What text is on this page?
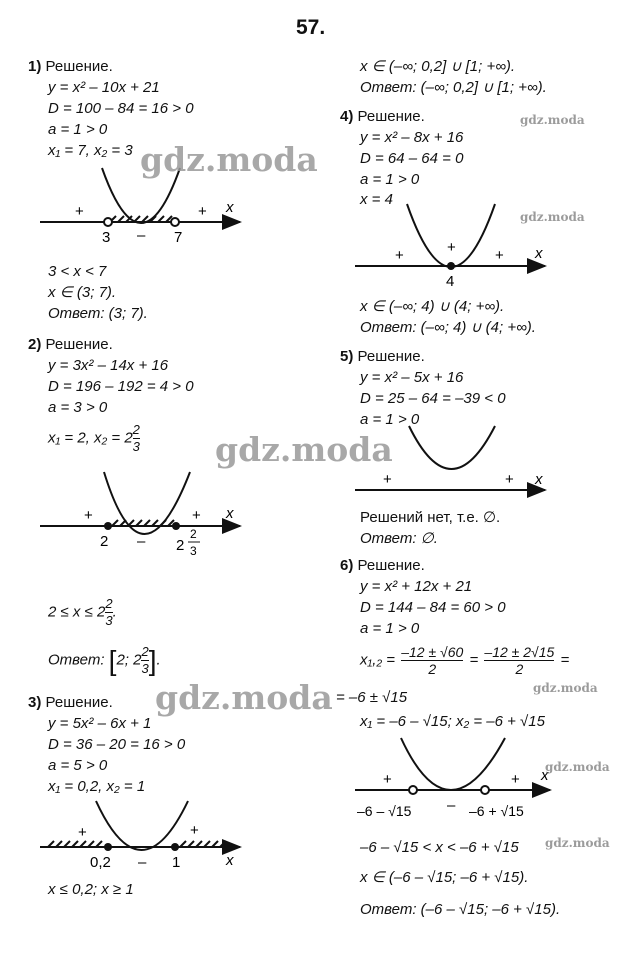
57.
1) Решение.
y = x² – 10x + 21
D = 100 – 84 = 16 > 0
a = 1 > 0
x₁ = 7, x₂ = 3
+	+
–
x
3	7
3 < x < 7
x ∈ (3; 7).
Ответ: (3; 7).
2) Решение.
y = 3x² – 14x + 16
D = 196 – 192 = 4 > 0
a = 3 > 0
x₁ = 2, $x_2 = 2 \frac{2}{3}$
+	+
–
x
2	2
2
3
$2 \le x \le 2 \frac{2}{3}$ .
Ответ: [2; $2 \frac{2}{3}$ ].
3) Решение.
y = 5x² – 6x + 1
D = 36 – 20 = 16 > 0
a = 5 > 0
x₁ = 0,2, x₂ = 1
+	+
–	x
0,2	1
x ≤ 0,2; x ≥ 1
x ∈ (–∞; 0,2] ∪ [1; +∞).
Ответ: (–∞; 0,2] ∪ [1; +∞).
4) Решение.
y = x² – 8x + 16
D = 64 – 64 = 0
a = 1 > 0
x = 4
+	+	+ x
4
x ∈ (–∞; 4) ∪ (4; +∞).
Ответ: (–∞; 4) ∪ (4; +∞).
5) Решение.
y = x² – 5x + 16
D = 25 – 64 = –39 < 0
a = 1 > 0
+	+ x
Решений нет, т.е. ∅.
Ответ: ∅.
6) Решение.
y = x² + 12x + 21
D = 144 – 84 = 60 > 0
a = 1 > 0
$x_1,_2 = \frac{-12 \pm √60}{2} = \frac{-12 \pm 2√15}{2}$ =
= –6 ± √15
x₁ = –6 – √15; x₂ = –6 + √15
+	+
–
x
–6 – √15	–6 + √15
–6 – √15 < x < –6 + √15
x ∈ (–6 – √15; –6 + √15).
Ответ: (–6 – √15; –6 + √15).
gdz.moda
gdz.moda
gdz.moda
gdz.moda
gdz.moda
gdz.moda
gdz.moda
gdz.moda
